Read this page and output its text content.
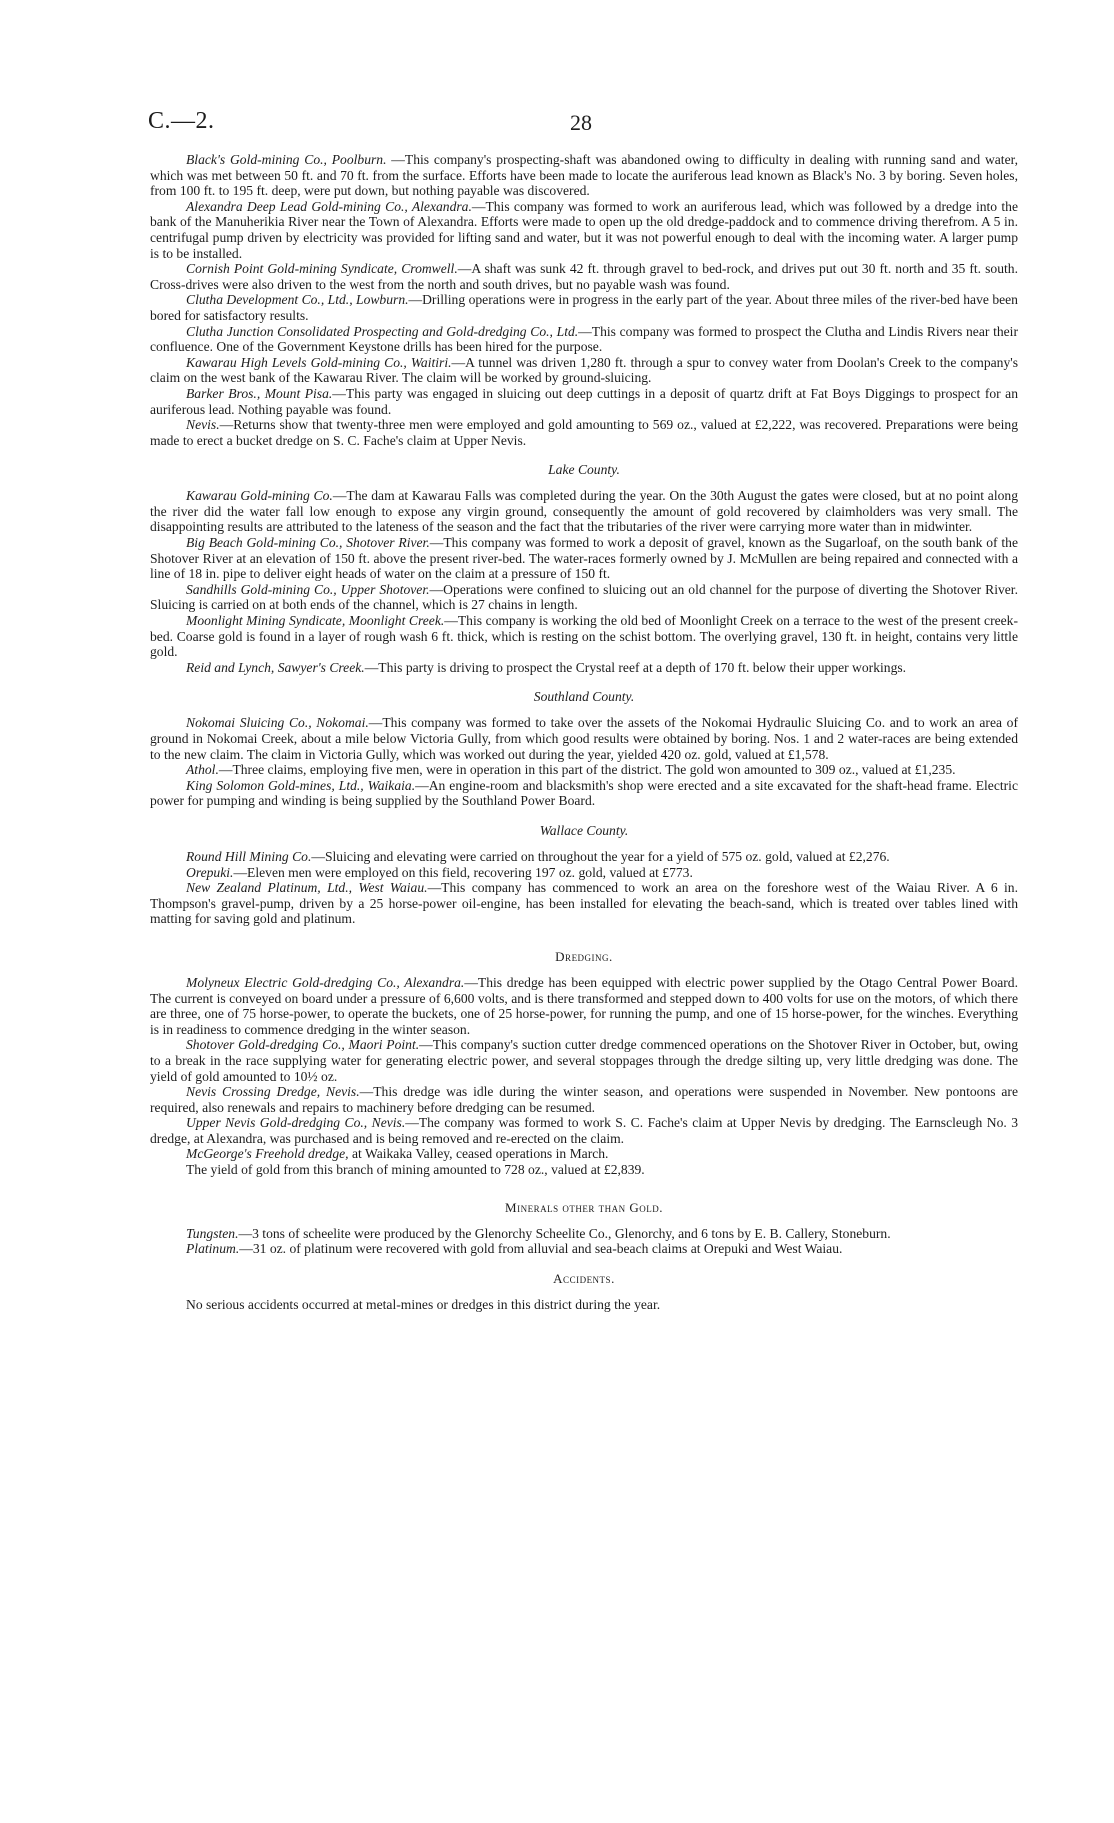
C.—2.	28

Black's Gold-mining Co., Poolburn. —This company's prospecting-shaft was abandoned owing to difficulty in dealing with running sand and water, which was met between 50 ft. and 70 ft. from the surface. Efforts have been made to locate the auriferous lead known as Black's No. 3 by boring. Seven holes, from 100 ft. to 195 ft. deep, were put down, but nothing payable was discovered.

Alexandra Deep Lead Gold-mining Co., Alexandra.—This company was formed to work an auriferous lead, which was followed by a dredge into the bank of the Manuherikia River near the Town of Alexandra. Efforts were made to open up the old dredge-paddock and to commence driving therefrom. A 5 in. centrifugal pump driven by electricity was provided for lifting sand and water, but it was not powerful enough to deal with the incoming water. A larger pump is to be installed.

Cornish Point Gold-mining Syndicate, Cromwell.—A shaft was sunk 42 ft. through gravel to bed-rock, and drives put out 30 ft. north and 35 ft. south. Cross-drives were also driven to the west from the north and south drives, but no payable wash was found.

Clutha Development Co., Ltd., Lowburn.—Drilling operations were in progress in the early part of the year. About three miles of the river-bed have been bored for satisfactory results.

Clutha Junction Consolidated Prospecting and Gold-dredging Co., Ltd.—This company was formed to prospect the Clutha and Lindis Rivers near their confluence. One of the Government Keystone drills has been hired for the purpose.

Kawarau High Levels Gold-mining Co., Waitiri.—A tunnel was driven 1,280 ft. through a spur to convey water from Doolan's Creek to the company's claim on the west bank of the Kawarau River. The claim will be worked by ground-sluicing.

Barker Bros., Mount Pisa.—This party was engaged in sluicing out deep cuttings in a deposit of quartz drift at Fat Boys Diggings to prospect for an auriferous lead. Nothing payable was found.

Nevis.—Returns show that twenty-three men were employed and gold amounting to 569 oz., valued at £2,222, was recovered. Preparations were being made to erect a bucket dredge on S. C. Fache's claim at Upper Nevis.

Lake County.

Kawarau Gold-mining Co.—The dam at Kawarau Falls was completed during the year. On the 30th August the gates were closed, but at no point along the river did the water fall low enough to expose any virgin ground, consequently the amount of gold recovered by claimholders was very small. The disappointing results are attributed to the lateness of the season and the fact that the tributaries of the river were carrying more water than in midwinter.

Big Beach Gold-mining Co., Shotover River.—This company was formed to work a deposit of gravel, known as the Sugarloaf, on the south bank of the Shotover River at an elevation of 150 ft. above the present river-bed. The water-races formerly owned by J. McMullen are being repaired and connected with a line of 18 in. pipe to deliver eight heads of water on the claim at a pressure of 150 ft.

Sandhills Gold-mining Co., Upper Shotover.—Operations were confined to sluicing out an old channel for the purpose of diverting the Shotover River. Sluicing is carried on at both ends of the channel, which is 27 chains in length.

Moonlight Mining Syndicate, Moonlight Creek.—This company is working the old bed of Moonlight Creek on a terrace to the west of the present creek-bed. Coarse gold is found in a layer of rough wash 6 ft. thick, which is resting on the schist bottom. The overlying gravel, 130 ft. in height, contains very little gold.

Reid and Lynch, Sawyer's Creek.—This party is driving to prospect the Crystal reef at a depth of 170 ft. below their upper workings.

Southland County.

Nokomai Sluicing Co., Nokomai.—This company was formed to take over the assets of the Nokomai Hydraulic Sluicing Co. and to work an area of ground in Nokomai Creek, about a mile below Victoria Gully, from which good results were obtained by boring. Nos. 1 and 2 water-races are being extended to the new claim. The claim in Victoria Gully, which was worked out during the year, yielded 420 oz. gold, valued at £1,578.

Athol.—Three claims, employing five men, were in operation in this part of the district. The gold won amounted to 309 oz., valued at £1,235.

King Solomon Gold-mines, Ltd., Waikaia.—An engine-room and blacksmith's shop were erected and a site excavated for the shaft-head frame. Electric power for pumping and winding is being supplied by the Southland Power Board.

Wallace County.

Round Hill Mining Co.—Sluicing and elevating were carried on throughout the year for a yield of 575 oz. gold, valued at £2,276.

Orepuki.—Eleven men were employed on this field, recovering 197 oz. gold, valued at £773.

New Zealand Platinum, Ltd., West Waiau.—This company has commenced to work an area on the foreshore west of the Waiau River. A 6 in. Thompson's gravel-pump, driven by a 25 horse-power oil-engine, has been installed for elevating the beach-sand, which is treated over tables lined with matting for saving gold and platinum.

Dredging.

Molyneux Electric Gold-dredging Co., Alexandra.—This dredge has been equipped with electric power supplied by the Otago Central Power Board. The current is conveyed on board under a pressure of 6,600 volts, and is there transformed and stepped down to 400 volts for use on the motors, of which there are three, one of 75 horse-power, to operate the buckets, one of 25 horse-power, for running the pump, and one of 15 horse-power, for the winches. Everything is in readiness to commence dredging in the winter season.

Shotover Gold-dredging Co., Maori Point.—This company's suction cutter dredge commenced operations on the Shotover River in October, but, owing to a break in the race supplying water for generating electric power, and several stoppages through the dredge silting up, very little dredging was done. The yield of gold amounted to 10½ oz.

Nevis Crossing Dredge, Nevis.—This dredge was idle during the winter season, and operations were suspended in November. New pontoons are required, also renewals and repairs to machinery before dredging can be resumed.

Upper Nevis Gold-dredging Co., Nevis.—The company was formed to work S. C. Fache's claim at Upper Nevis by dredging. The Earnscleugh No. 3 dredge, at Alexandra, was purchased and is being removed and re-erected on the claim.

McGeorge's Freehold dredge, at Waikaka Valley, ceased operations in March.

The yield of gold from this branch of mining amounted to 728 oz., valued at £2,839.

Minerals other than Gold.

Tungsten.—3 tons of scheelite were produced by the Glenorchy Scheelite Co., Glenorchy, and 6 tons by E. B. Callery, Stoneburn.

Platinum.—31 oz. of platinum were recovered with gold from alluvial and sea-beach claims at Orepuki and West Waiau.

Accidents.

No serious accidents occurred at metal-mines or dredges in this district during the year.
